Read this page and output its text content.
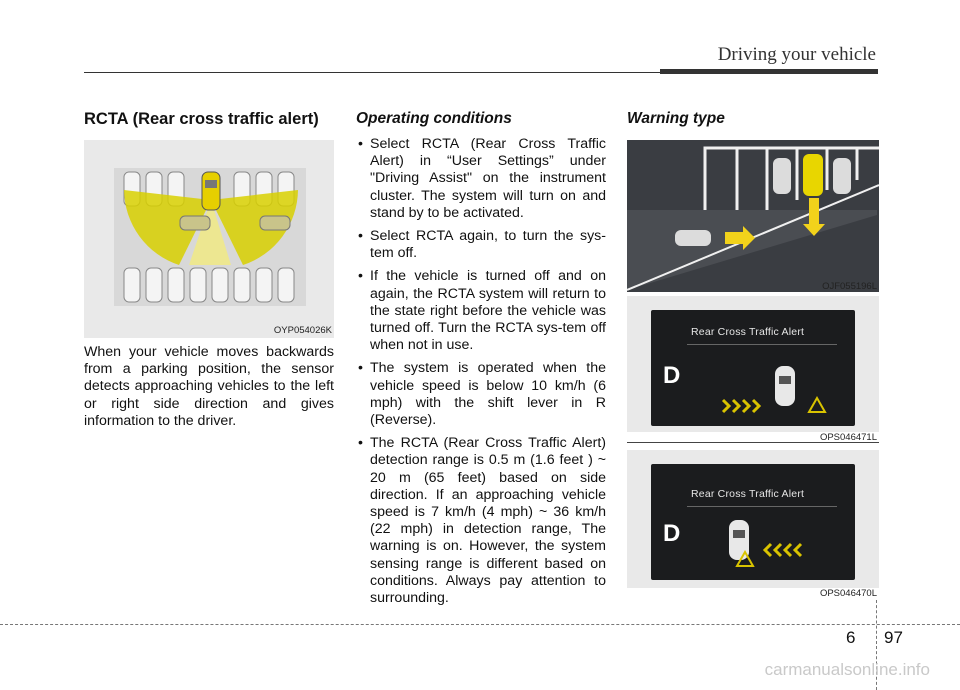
Driving your vehicle
RCTA (Rear cross traffic alert)
OYP054026K
When your vehicle moves backwards from a parking position, the sensor detects approaching vehicles to the left or right side direction and gives information to the driver.
Operating conditions
• Select RCTA (Rear Cross Traffic Alert) in “User Settings” under "Driving Assist" on the instrument cluster. The system will turn on and stand by to be activated.
• Select RCTA again, to turn the sys-tem off.
• If the vehicle is turned off and on again, the RCTA system will return to the state right before the vehicle was turned off. Turn the RCTA sys-tem off when not in use.
• The system is operated when the vehicle speed is below 10 km/h (6 mph) with the shift lever in R (Reverse).
• The RCTA (Rear Cross Traffic Alert) detection range is 0.5 m (1.6 feet ) ~ 20 m (65 feet) based on side direction. If an approaching vehicle speed is 7 km/h (4 mph) ~ 36 km/h (22 mph) in detection range, The warning is on. However, the system sensing range is different based on conditions. Always pay attention to surrounding.
Warning type
OJF055196L
Rear Cross Traffic Alert
D
OPS046471L
Rear Cross Traffic Alert
D
OPS046470L
6 97
carmanualsonline.info
